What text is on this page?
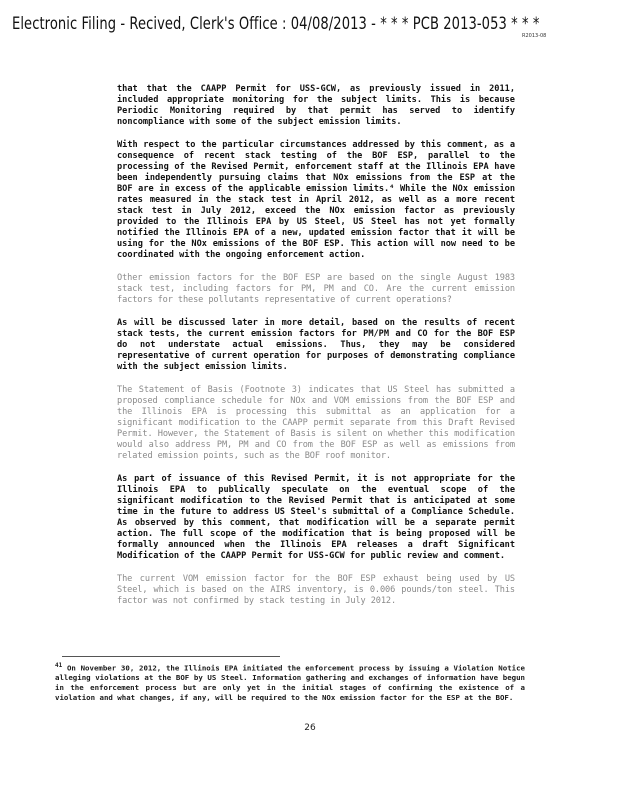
Electronic Filing - Recived, Clerk's Office : 04/08/2013 - * * * PCB 2013-053 * * *
R2013-08

that that the CAAPP Permit for USS-GCW, as previously issued in 2011, included appropriate monitoring for the subject limits. This is because Periodic Monitoring required by that permit has served to identify noncompliance with some of the subject emission limits.

With respect to the particular circumstances addressed by this comment, as a consequence of recent stack testing of the BOF ESP, parallel to the processing of the Revised Permit, enforcement staff at the Illinois EPA have been independently pursuing claims that NOx emissions from the ESP at the BOF are in excess of the applicable emission limits.⁴ While the NOx emission rates measured in the stack test in April 2012, as well as a more recent stack test in July 2012, exceed the NOx emission factor as previously provided to the Illinois EPA by US Steel, US Steel has not yet formally notified the Illinois EPA of a new, updated emission factor that it will be using for the NOx emissions of the BOF ESP. This action will now need to be coordinated with the ongoing enforcement action.

Other emission factors for the BOF ESP are based on the single August 1983 stack test, including factors for PM, PM and CO. Are the current emission factors for these pollutants representative of current operations?

As will be discussed later in more detail, based on the results of recent stack tests, the current emission factors for PM/PM and CO for the BOF ESP do not understate actual emissions. Thus, they may be considered representative of current operation for purposes of demonstrating compliance with the subject emission limits.

The Statement of Basis (Footnote 3) indicates that US Steel has submitted a proposed compliance schedule for NOx and VOM emissions from the BOF ESP and the Illinois EPA is processing this submittal as an application for a significant modification to the CAAPP permit separate from this Draft Revised Permit. However, the Statement of Basis is silent on whether this modification would also address PM, PM and CO from the BOF ESP as well as emissions from related emission points, such as the BOF roof monitor.

As part of issuance of this Revised Permit, it is not appropriate for the Illinois EPA to publically speculate on the eventual scope of the significant modification to the Revised Permit that is anticipated at some time in the future to address US Steel's submittal of a Compliance Schedule. As observed by this comment, that modification will be a separate permit action. The full scope of the modification that is being proposed will be formally announced when the Illinois EPA releases a draft Significant Modification of the CAAPP Permit for USS-GCW for public review and comment.

The current VOM emission factor for the BOF ESP exhaust being used by US Steel, which is based on the AIRS inventory, is 0.006 pounds/ton steel. This factor was not confirmed by stack testing in July 2012.

$^{41}$ On November 30, 2012, the Illinois EPA initiated the enforcement process by issuing a Violation Notice alleging violations at the BOF by US Steel. Information gathering and exchanges of information have begun in the enforcement process but are only yet in the initial stages of confirming the existence of a violation and what changes, if any, will be required to the NOx emission factor for the ESP at the BOF.
26
